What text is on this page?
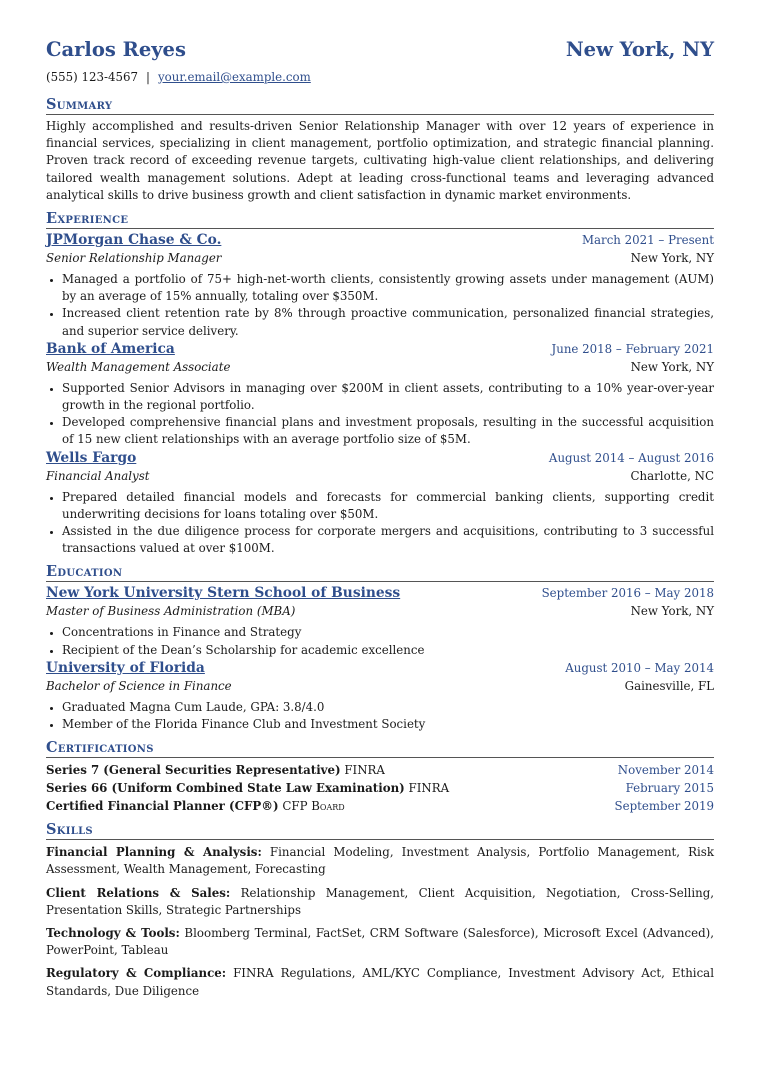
Carlos Reyes	New York, NY
(555) 123-4567 | your.email@example.com
Summary

Highly accomplished and results-driven Senior Relationship Manager with over 12 years of experience in financial services, specializing in client management, portfolio optimization, and strategic financial planning. Proven track record of exceeding revenue targets, cultivating high-value client relationships, and delivering tailored wealth management solutions. Adept at leading cross-functional teams and leveraging advanced analytical skills to drive business growth and client satisfaction in dynamic market environments.

Experience
JPMorgan Chase & Co.	March 2021 – Present
Senior Relationship Manager	New York, NY
• Managed a portfolio of 75+ high-net-worth clients, consistently growing assets under management (AUM) by an average of 15% annually, totaling over $350M.
• Increased client retention rate by 8% through proactive communication, personalized financial strategies, and superior service delivery.
Bank of America	June 2018 – February 2021
Wealth Management Associate	New York, NY
• Supported Senior Advisors in managing over $200M in client assets, contributing to a 10% year-over-year growth in the regional portfolio.
• Developed comprehensive financial plans and investment proposals, resulting in the successful acquisition of 15 new client relationships with an average portfolio size of $5M.
Wells Fargo	August 2014 – August 2016
Financial Analyst	Charlotte, NC
• Prepared detailed financial models and forecasts for commercial banking clients, supporting credit underwriting decisions for loans totaling over $50M.
• Assisted in the due diligence process for corporate mergers and acquisitions, contributing to 3 successful transactions valued at over $100M.
Education
New York University Stern School of Business	September 2016 – May 2018
Master of Business Administration (MBA)	New York, NY
• Concentrations in Finance and Strategy
• Recipient of the Dean’s Scholarship for academic excellence
University of Florida	August 2010 – May 2014
Bachelor of Science in Finance	Gainesville, FL
• Graduated Magna Cum Laude, GPA: 3.8/4.0
• Member of the Florida Finance Club and Investment Society
Certifications
Series 7 (General Securities Representative) FINRA	November 2014
Series 66 (Uniform Combined State Law Examination) FINRA	February 2015
Certified Financial Planner (CFP®) CFP Board	September 2019
Skills

Financial Planning & Analysis: Financial Modeling, Investment Analysis, Portfolio Management, Risk Assessment, Wealth Management, Forecasting

Client Relations & Sales: Relationship Management, Client Acquisition, Negotiation, Cross-Selling, Presentation Skills, Strategic Partnerships

Technology & Tools: Bloomberg Terminal, FactSet, CRM Software (Salesforce), Microsoft Excel (Advanced), PowerPoint, Tableau

Regulatory & Compliance: FINRA Regulations, AML/KYC Compliance, Investment Advisory Act, Ethical Standards, Due Diligence
